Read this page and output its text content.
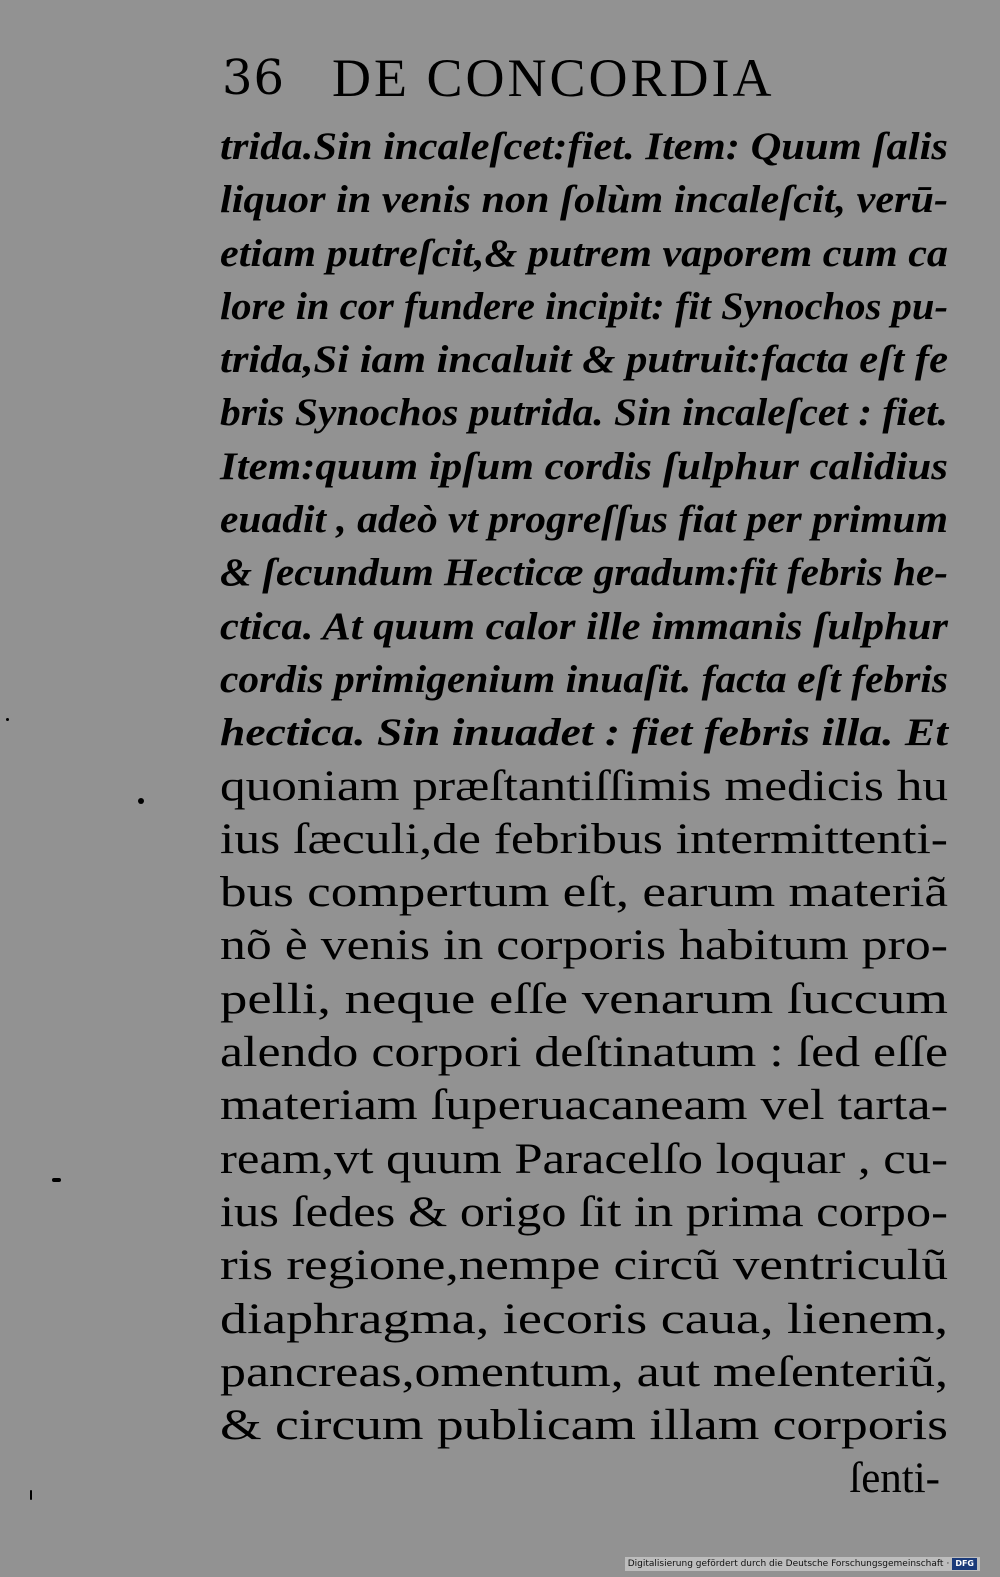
36 DE CONCORDIA
trida.Sin incaleſcet:fiet. Item: Quum ſalis
liquor in venis non ſolùm incaleſcit, verū-
etiam putreſcit,& putrem vaporem cum ca
lore in cor fundere incipit: fit Synochos pu-
trida,Si iam incaluit & putruit:facta eſt fe
bris Synochos putrida. Sin incaleſcet : fiet.
Item:quum ipſum cordis ſulphur calidius
euadit , adeò vt progreſſus fiat per primum
& ſecundum Hecticæ gradum:fit febris he-
ctica. At quum calor ille immanis ſulphur
cordis primigenium inuaſit. facta eſt febris
hectica. Sin inuadet : fiet febris illa. Et
quoniam præſtantiſſimis medicis hu
ius ſæculi,de febribus intermittenti-
bus compertum eſt, earum materiã
nõ è venis in corporis habitum pro-
pelli, neque eſſe venarum ſuccum
alendo corpori deſtinatum : ſed eſſe
materiam ſuperuacaneam vel tarta-
ream,vt quum Paracelſo loquar , cu-
ius ſedes & origo ſit in prima corpo-
ris regione,nempe circũ ventriculũ
diaphragma, iecoris caua, lienem,
pancreas,omentum, aut meſenteriũ,
& circum publicam illam corporis
ſenti-
Digitalisierung gefördert durch die Deutsche Forschungsgemeinschaft · DFG
